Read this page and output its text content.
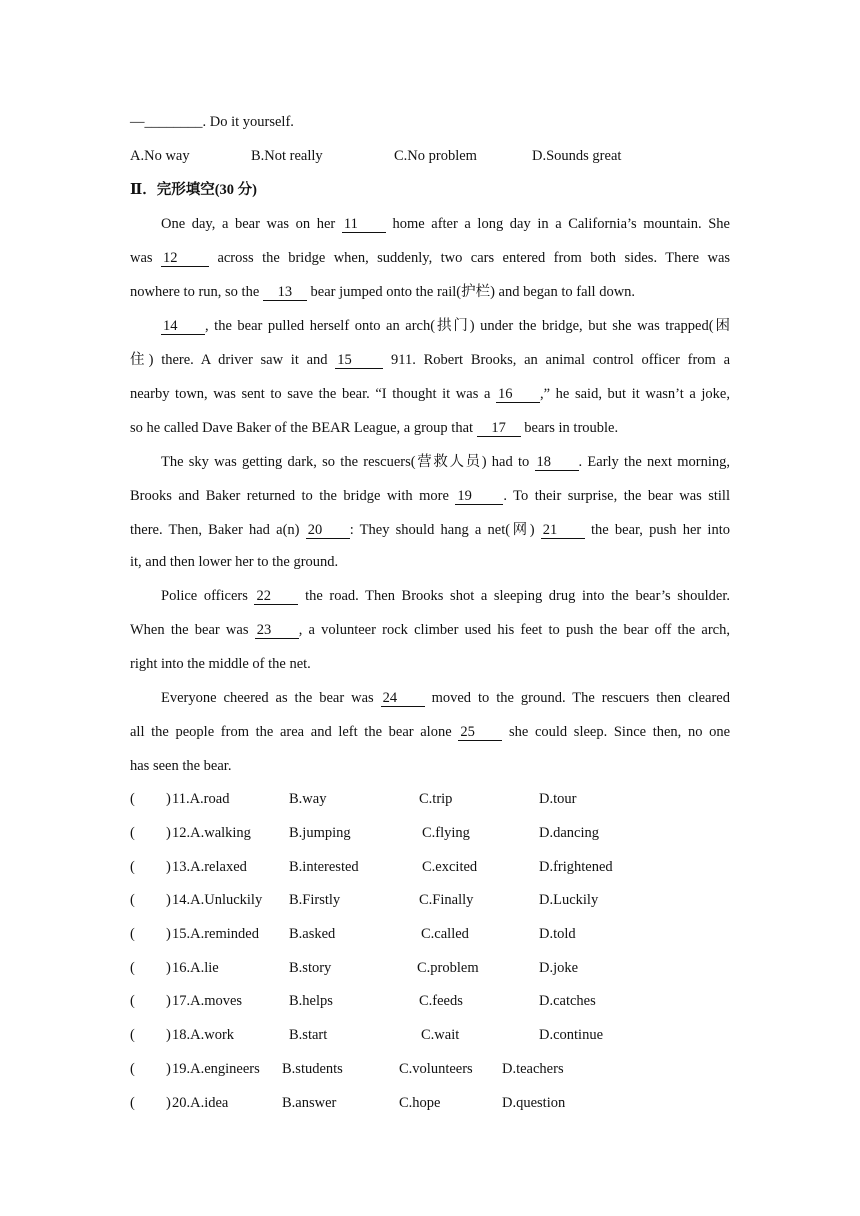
—________. Do it yourself.
A.No way	B.Not really	C.No problem	D.Sounds great
Ⅱ．完形填空(30 分)
One day, a bear was on her 11 home after a long day in a California’s mountain. She
was 12	across the bridge when, suddenly, two cars entered from both sides. There was
nowhere to run, so the 13 bear jumped onto the rail(护栏) and began to fall down.
14 , the bear pulled herself onto an arch(拱门) under the bridge, but she was trapped(困
住) there. A driver saw it and 15	911. Robert Brooks, an animal control officer from a
nearby town, was sent to save the bear. “I thought it was a 16 ,” he said, but it wasn’t a joke,
so he called Dave Baker of the BEAR League, a group that 17 bears in trouble.
The sky was getting dark, so the rescuers(营救人员) had to 18 . Early the next morning,
Brooks and Baker returned to the bridge with more 19 . To their surprise, the bear was still
there. Then, Baker had a(n) 20 : They should hang a net(网) 21 the bear, push her into
it, and then lower her to the ground.
Police officers 22 the road. Then Brooks shot a sleeping drug into the bear’s shoulder.
When the bear was 23 , a volunteer rock climber used his feet to push the bear off the arch,
right into the middle of the net.
Everyone cheered as the bear was 24 moved to the ground. The rescuers then cleared
all the people from the area and left the bear alone 25 she could sleep. Since then, no one
has seen the bear.
( ) 11.A.road	B.way	C.trip	D.tour
( ) 12.A.walking	B.jumping	C.flying	D.dancing
( ) 13.A.relaxed	B.interested	C.excited	D.frightened
( ) 14.A.Unluckily B.Firstly	C.Finally	D.Luckily
( ) 15.A.reminded B.asked	C.called	D.told
( ) 16.A.lie	B.story	C.problem	D.joke
( ) 17.A.moves	B.helps	C.feeds	D.catches
( ) 18.A.work	B.start	C.wait	D.continue
( ) 19.A.engineers B.students	C.volunteers D.teachers
( ) 20.A.idea	B.answer	C.hope	D.question
